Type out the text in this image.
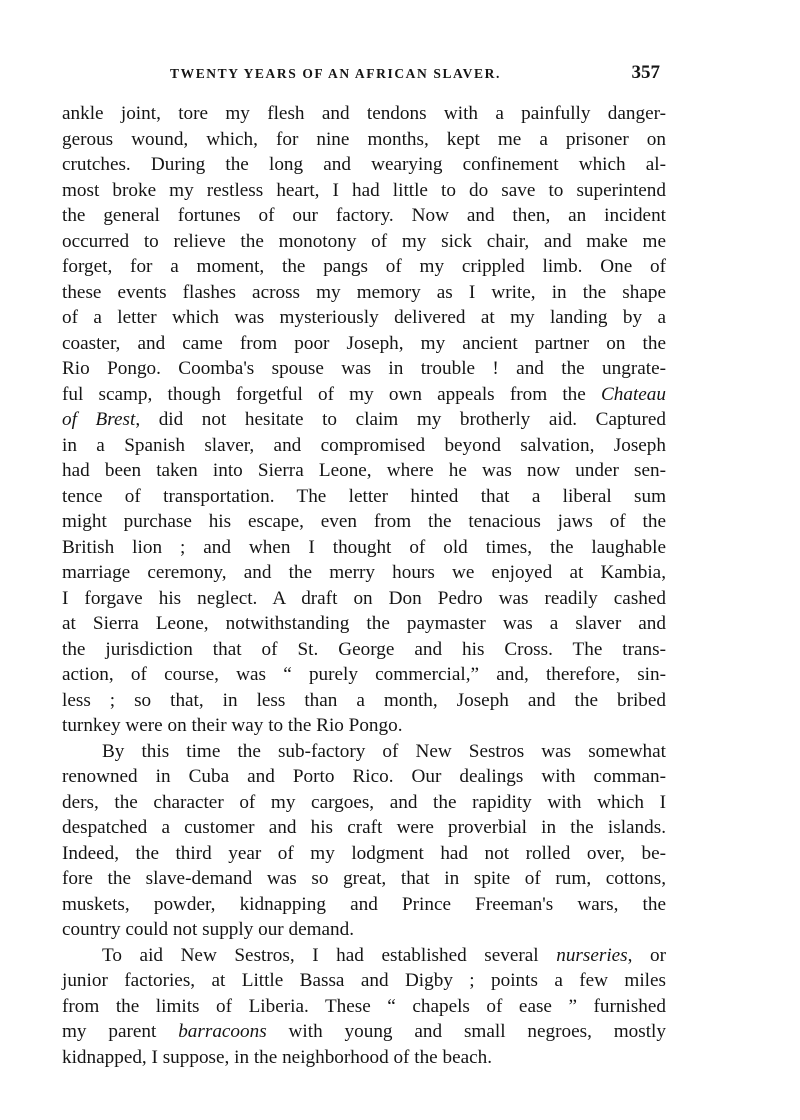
TWENTY YEARS OF AN AFRICAN SLAVER.	357
ankle joint, tore my flesh and tendons with a painfully danger-
gerous wound, which, for nine months, kept me a prisoner on
crutches. During the long and wearying confinement which al-
most broke my restless heart, I had little to do save to superintend
the general fortunes of our factory. Now and then, an incident
occurred to relieve the monotony of my sick chair, and make me
forget, for a moment, the pangs of my crippled limb. One of
these events flashes across my memory as I write, in the shape
of a letter which was mysteriously delivered at my landing by a
coaster, and came from poor Joseph, my ancient partner on the
Rio Pongo. Coomba's spouse was in trouble ! and the ungrate-
ful scamp, though forgetful of my own appeals from the Chateau
of Brest, did not hesitate to claim my brotherly aid. Captured
in a Spanish slaver, and compromised beyond salvation, Joseph
had been taken into Sierra Leone, where he was now under sen-
tence of transportation. The letter hinted that a liberal sum
might purchase his escape, even from the tenacious jaws of the
British lion ; and when I thought of old times, the laughable
marriage ceremony, and the merry hours we enjoyed at Kambia,
I forgave his neglect. A draft on Don Pedro was readily cashed
at Sierra Leone, notwithstanding the paymaster was a slaver and
the jurisdiction that of St. George and his Cross. The trans-
action, of course, was “ purely commercial,” and, therefore, sin-
less ; so that, in less than a month, Joseph and the bribed
turnkey were on their way to the Rio Pongo.
By this time the sub-factory of New Sestros was somewhat
renowned in Cuba and Porto Rico. Our dealings with comman-
ders, the character of my cargoes, and the rapidity with which I
despatched a customer and his craft were proverbial in the islands.
Indeed, the third year of my lodgment had not rolled over, be-
fore the slave-demand was so great, that in spite of rum, cottons,
muskets, powder, kidnapping and Prince Freeman's wars, the
country could not supply our demand.
To aid New Sestros, I had established several nurseries, or
junior factories, at Little Bassa and Digby ; points a few miles
from the limits of Liberia. These “ chapels of ease ” furnished
my parent barracoons with young and small negroes, mostly
kidnapped, I suppose, in the neighborhood of the beach.
